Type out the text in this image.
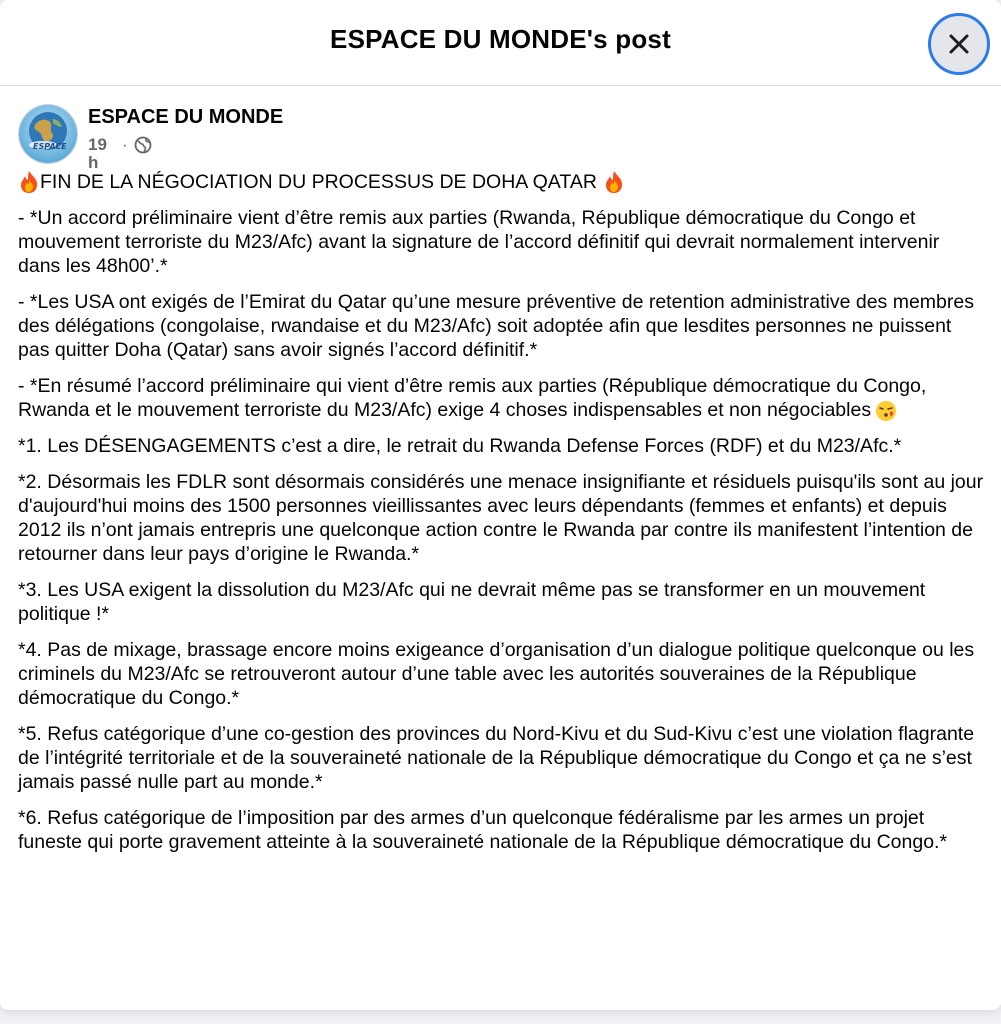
ESPACE DU MONDE's post
ESPACE
ESPACE DU MONDE
19 h
·

FIN DE LA NÉGOCIATION DU PROCESSUS DE DOHA QATAR

- *Un accord préliminaire vient d’être remis aux parties (Rwanda, République démocratique du Congo et mouvement terroriste du M23/Afc) avant la signature de l’accord définitif qui devrait normalement intervenir dans les 48h00’.*

- *Les USA ont exigés de l’Emirat du Qatar qu’une mesure préventive de retention administrative des membres des délégations (congolaise, rwandaise et du M23/Afc) soit adoptée afin que lesdites personnes ne puissent pas quitter Doha (Qatar) sans avoir signés l’accord définitif.*

- *En résumé l’accord préliminaire qui vient d’être remis aux parties (République démocratique du Congo, Rwanda et le mouvement terroriste du M23/Afc) exige 4 choses indispensables et non négociables

*1. Les DÉSENGAGEMENTS c’est a dire, le retrait du Rwanda Defense Forces (RDF) et du M23/Afc.*

*2. Désormais les FDLR sont désormais considérés une menace insignifiante et résiduels puisqu'ils sont au jour d'aujourd'hui moins des 1500 personnes vieillissantes avec leurs dépendants (femmes et enfants) et depuis 2012 ils n’ont jamais entrepris une quelconque action contre le Rwanda par contre ils manifestent l’intention de retourner dans leur pays d’origine le Rwanda.*

*3. Les USA exigent la dissolution du M23/Afc qui ne devrait même pas se transformer en un mouvement politique !*

*4. Pas de mixage, brassage encore moins exigeance d’organisation d’un dialogue politique quelconque ou les criminels du M23/Afc se retrouveront autour d’une table avec les autorités souveraines de la République démocratique du Congo.*

*5. Refus catégorique d’une co-gestion des provinces du Nord-Kivu et du Sud-Kivu c’est une violation flagrante de l’intégrité territoriale et de la souveraineté nationale de la République démocratique du Congo et ça ne s’est jamais passé nulle part au monde.*

*6. Refus catégorique de l’imposition par des armes d’un quelconque fédéralisme par les armes un projet funeste qui porte gravement atteinte à la souveraineté nationale de la République démocratique du Congo.*
